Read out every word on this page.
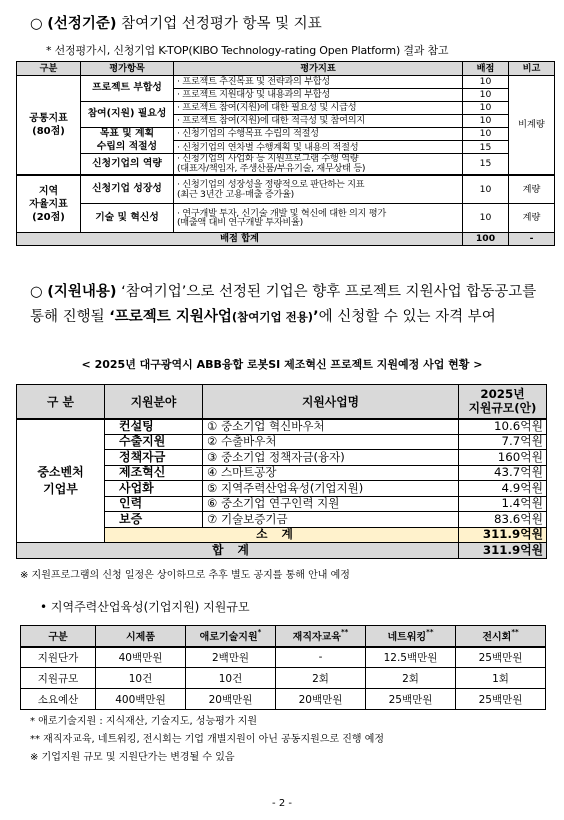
○ (선정기준) 참여기업 선정평가 항목 및 지표
* 선정평가시, 신청기업 K-TOP(KIBO Technology-rating Open Platform) 결과 참고
구분	평가항목	평가지표	배점	비고
공통지표
(80점)	프로젝트 부합성	· 프로젝트 추진목표 및 전략과의 부합성	10	비계량
		· 프로젝트 지원대상 및 내용과의 부합성	10	
	참여(지원) 필요성	· 프로젝트 참여(지원)에 대한 필요성 및 시급성	10	
		· 프로젝트 참여(지원)에 대한 적극성 및 참여의지	10	
	목표 및 계획
수립의 적절성	· 신청기업의 수행목표 수립의 적절성	10	
		· 신청기업의 연차별 수행계획 및 내용의 적절성	15	
	신청기업의 역량	· 신청기업의 사업화 등 지원프로그램 수행 역량
(대표자/책임자, 주생산품/부유기술, 재무상태 등)	15	

지역
자율지표
(20점)	신청기업 성장성	· 신청기업의 성장성을 정량적으로 판단하는 지표
(최근 3년간 고용·매출 증가율)	10	계량
	기술 및 혁신성	· 연구개발 투자, 신기술 개발 및 혁신에 대한 의지 평가
(매출액 대비 연구개발 투자비율)	10	계량
배점 합계			100	-
○ (지원내용) ‘참여기업’으로 선정된 기업은 향후 프로젝트 지원사업 합동공고를 통해 진행될 ‘프로젝트 지원사업(참여기업 전용)’에 신청할 수 있는 자격 부여
< 2025년 대구광역시 ABB융합 로봇SI 제조혁신 프로젝트 지원예정 사업 현황 >
구 분	지원분야	지원사업명	2025년
지원규모(안)

중소벤처
기업부	컨설팅	① 중소기업 혁신바우처	10.6억원
	수출지원	② 수출바우처	7.7억원
	정책자금	③ 중소기업 정책자금(융자)	160억원
	제조혁신	④ 스마트공장	43.7억원
	사업화	⑤ 지역주력산업육성(기업지원)	4.9억원
	인력	⑥ 중소기업 연구인력 지원	1.4억원
	보증	⑦ 기술보증기금	83.6억원
	소계		311.9억원
합계			311.9억원
※ 지원프로그램의 신청 일정은 상이하므로 추후 별도 공지를 통해 안내 예정
• 지역주력산업육성(기업지원) 지원규모
구분	시제품	애로기술지원*	재직자교육**	네트워킹**	전시회**
지원단가	40백만원	2백만원	-	12.5백만원	25백만원
지원규모	10건	10건	2회	2회	1회
소요예산	400백만원	20백만원	20백만원	25백만원	25백만원
* 애로기술지원 : 지식재산, 기술지도, 성능평가 지원
** 재직자교육, 네트워킹, 전시회는 기업 개별지원이 아닌 공동지원으로 진행 예정
※ 기업지원 규모 및 지원단가는 변경될 수 있음
- 2 -
